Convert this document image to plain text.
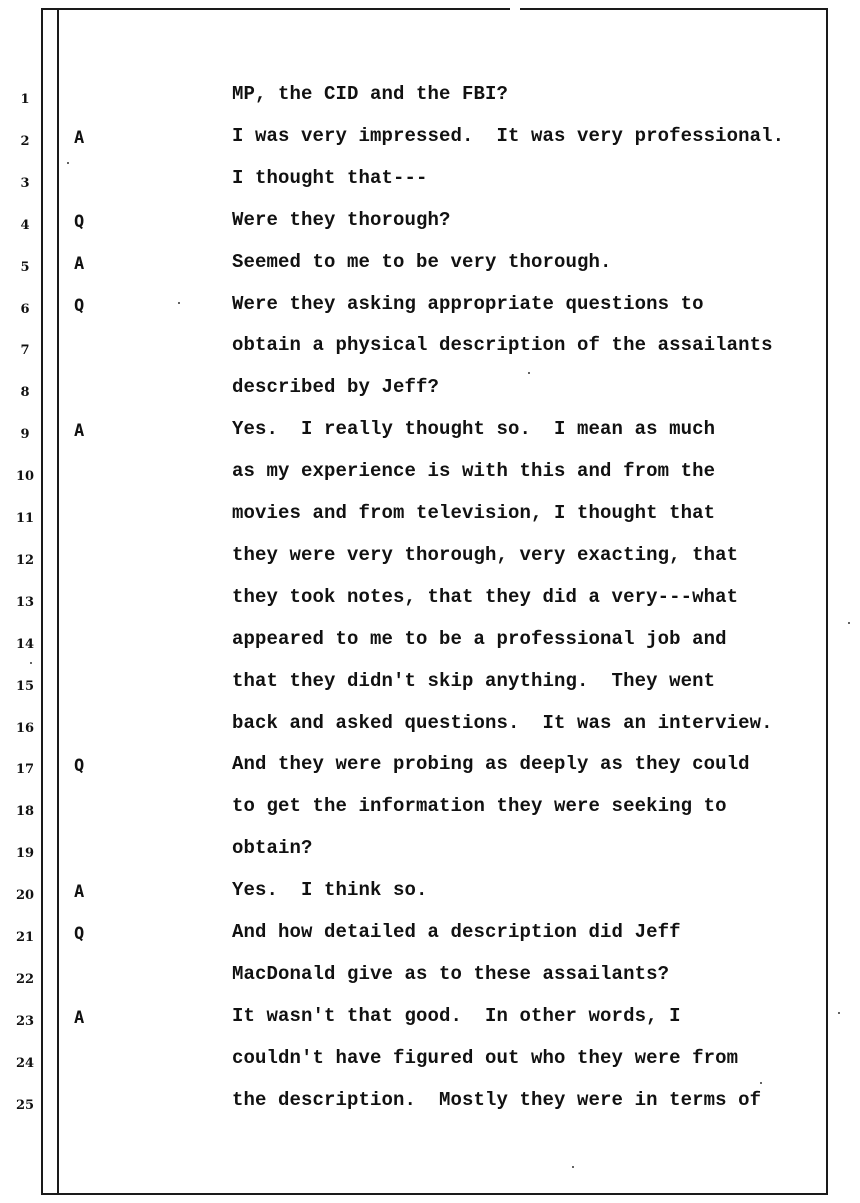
1	MP, the CID and the FBI?
2	A	I was very impressed.  It was very professional.
3	I thought that---
4	Q	Were they thorough?
5	A	Seemed to me to be very thorough.
6	Q	Were they asking appropriate questions to
7	obtain a physical description of the assailants
8	described by Jeff?
9	A	Yes.  I really thought so.  I mean as much
10	as my experience is with this and from the
11	movies and from television, I thought that
12	they were very thorough, very exacting, that
13	they took notes, that they did a very---what
14	appeared to me to be a professional job and
15	that they didn't skip anything.  They went
16	back and asked questions.  It was an interview.
17	Q	And they were probing as deeply as they could
18	to get the information they were seeking to
19	obtain?
20	A	Yes.  I think so.
21	Q	And how detailed a description did Jeff
22	MacDonald give as to these assailants?
23	A	It wasn't that good.  In other words, I
24	couldn't have figured out who they were from
25	the description.  Mostly they were in terms of
